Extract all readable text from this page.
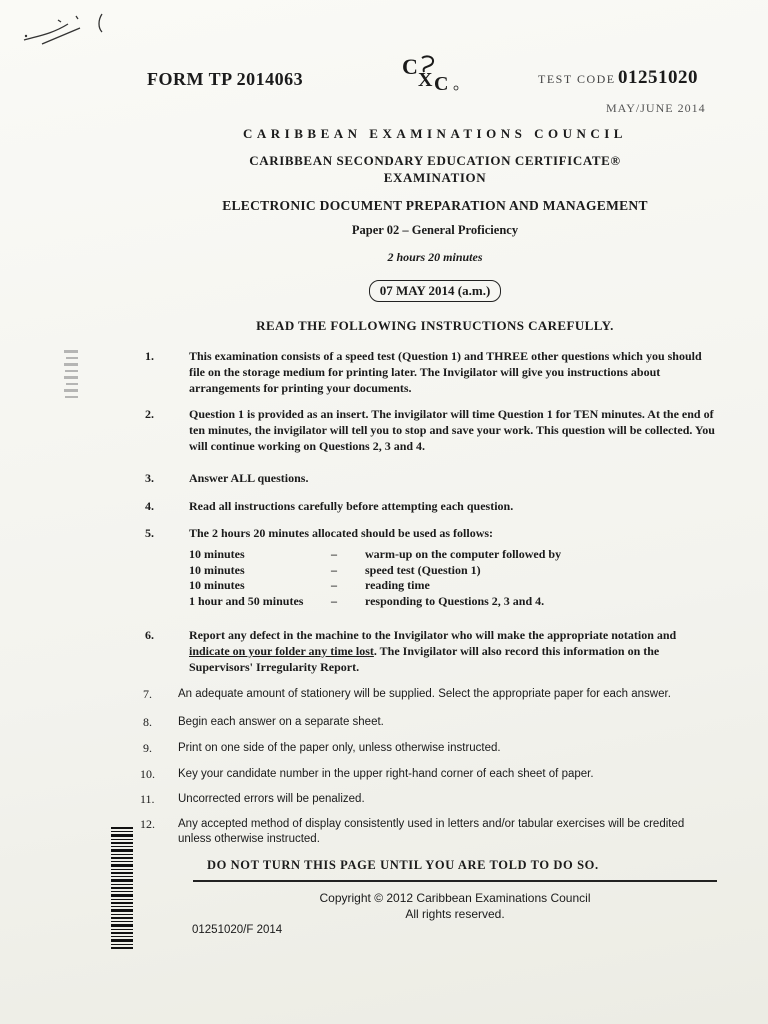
FORM TP 2014063	C
X C	TEST CODE 01251020
MAY/JUNE 2014
CARIBBEAN EXAMINATIONS COUNCIL
CARIBBEAN SECONDARY EDUCATION CERTIFICATE®
EXAMINATION
ELECTRONIC DOCUMENT PREPARATION AND MANAGEMENT
Paper 02 – General Proficiency
2 hours 20 minutes
07 MAY 2014 (a.m.)
READ THE FOLLOWING INSTRUCTIONS CAREFULLY.
1.	This examination consists of a speed test (Question 1) and THREE other questions which you should file on the storage medium for printing later. The Invigilator will give you instructions about arrangements for printing your documents.
2.	Question 1 is provided as an insert. The invigilator will time Question 1 for TEN minutes. At the end of ten minutes, the invigilator will tell you to stop and save your work. This question will be collected. You will continue working on Questions 2, 3 and 4.
3.	Answer ALL questions.
4.	Read all instructions carefully before attempting each question.
5.	The 2 hours 20 minutes allocated should be used as follows:
10 minutes	–	warm-up on the computer followed by
10 minutes	–	speed test (Question 1)
10 minutes	–	reading time
1 hour and 50 minutes	–	responding to Questions 2, 3 and 4.
6.	Report any defect in the machine to the Invigilator who will make the appropriate notation and indicate on your folder any time lost. The Invigilator will also record this information on the Supervisors' Irregularity Report.
7. An adequate amount of stationery will be supplied. Select the appropriate paper for each answer.
8. Begin each answer on a separate sheet.
9. Print on one side of the paper only, unless otherwise instructed.
10. Key your candidate number in the upper right-hand corner of each sheet of paper.
11. Uncorrected errors will be penalized.
12. Any accepted method of display consistently used in letters and/or tabular exercises will be credited unless otherwise instructed.
DO NOT TURN THIS PAGE UNTIL YOU ARE TOLD TO DO SO.
Copyright © 2012 Caribbean Examinations Council
All rights reserved.
01251020/F 2014
